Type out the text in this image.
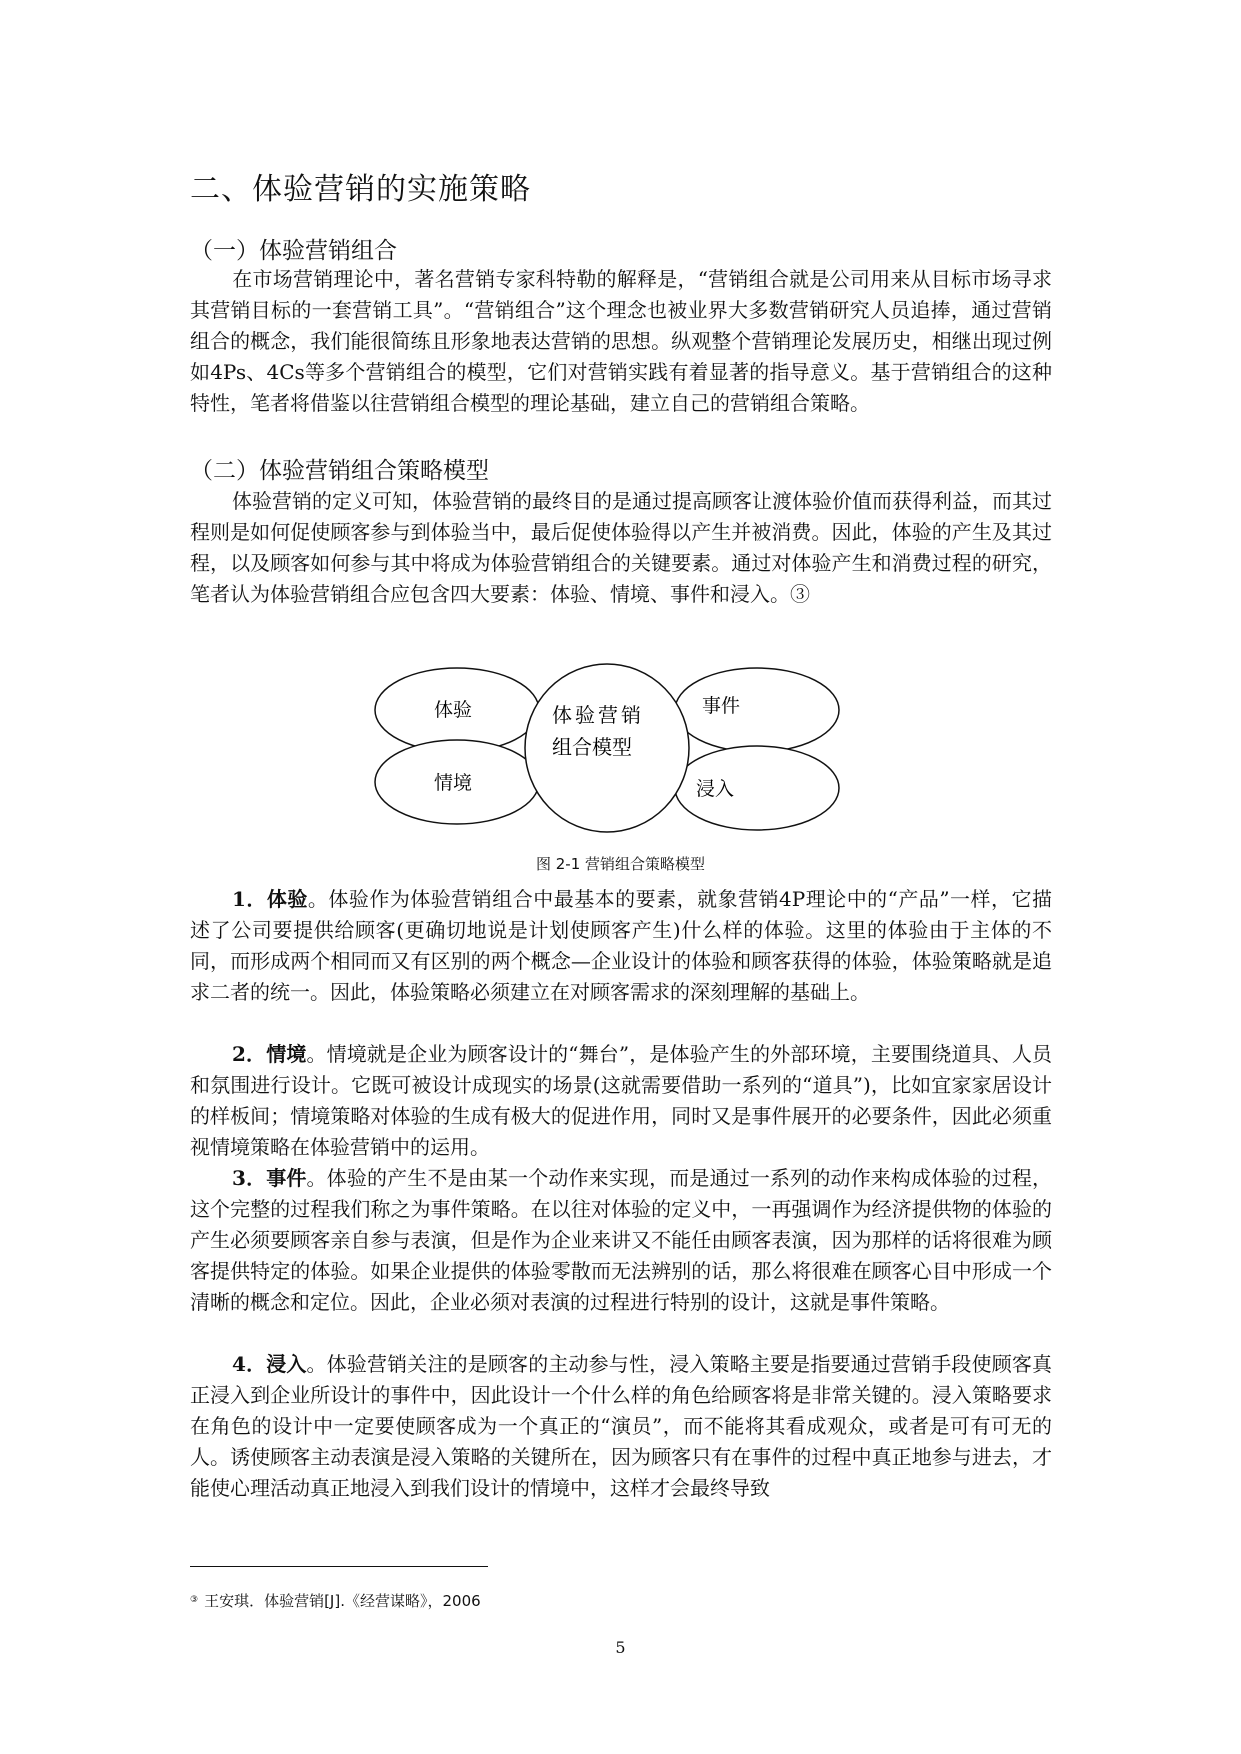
二、体验营销的实施策略
（一）体验营销组合

在市场营销理论中，著名营销专家科特勒的解释是，“营销组合就是公司用来从目标市场寻求其营销目标的一套营销工具”。“营销组合”这个理念也被业界大多数营销研究人员追捧，通过营销组合的概念，我们能很简练且形象地表达营销的思想。纵观整个营销理论发展历史，相继出现过例如4Ps、4Cs等多个营销组合的模型，它们对营销实践有着显著的指导意义。基于营销组合的这种特性，笔者将借鉴以往营销组合模型的理论基础，建立自己的营销组合策略。

（二）体验营销组合策略模型

体验营销的定义可知，体验营销的最终目的是通过提高顾客让渡体验价值而获得利益，而其过程则是如何促使顾客参与到体验当中，最后促使体验得以产生并被消费。因此，体验的产生及其过程，以及顾客如何参与其中将成为体验营销组合的关键要素。通过对体验产生和消费过程的研究，笔者认为体验营销组合应包含四大要素：体验、情境、事件和浸入。③

体验	事件
情境	浸入
体验营销
组合模型
图 2-1 营销组合策略模型

1．体验。体验作为体验营销组合中最基本的要素，就象营销4P理论中的“产品”一样，它描述了公司要提供给顾客(更确切地说是计划使顾客产生)什么样的体验。这里的体验由于主体的不同，而形成两个相同而又有区别的两个概念—企业设计的体验和顾客获得的体验，体验策略就是追求二者的统一。因此，体验策略必须建立在对顾客需求的深刻理解的基础上。

2．情境。情境就是企业为顾客设计的“舞台”，是体验产生的外部环境，主要围绕道具、人员和氛围进行设计。它既可被设计成现实的场景(这就需要借助一系列的“道具”)，比如宜家家居设计的样板间；情境策略对体验的生成有极大的促进作用，同时又是事件展开的必要条件，因此必须重视情境策略在体验营销中的运用。

3．事件。体验的产生不是由某一个动作来实现，而是通过一系列的动作来构成体验的过程，这个完整的过程我们称之为事件策略。在以往对体验的定义中，一再强调作为经济提供物的体验的产生必须要顾客亲自参与表演，但是作为企业来讲又不能任由顾客表演，因为那样的话将很难为顾客提供特定的体验。如果企业提供的体验零散而无法辨别的话，那么将很难在顾客心目中形成一个清晰的概念和定位。因此，企业必须对表演的过程进行特别的设计，这就是事件策略。

4．浸入。体验营销关注的是顾客的主动参与性，浸入策略主要是指要通过营销手段使顾客真正浸入到企业所设计的事件中，因此设计一个什么样的角色给顾客将是非常关键的。浸入策略要求在角色的设计中一定要使顾客成为一个真正的“演员”，而不能将其看成观众，或者是可有可无的人。诱使顾客主动表演是浸入策略的关键所在，因为顾客只有在事件的过程中真正地参与进去，才能使心理活动真正地浸入到我们设计的情境中，这样才会最终导致

③ 王安琪．体验营销[J].《经营谋略》，2006
5
